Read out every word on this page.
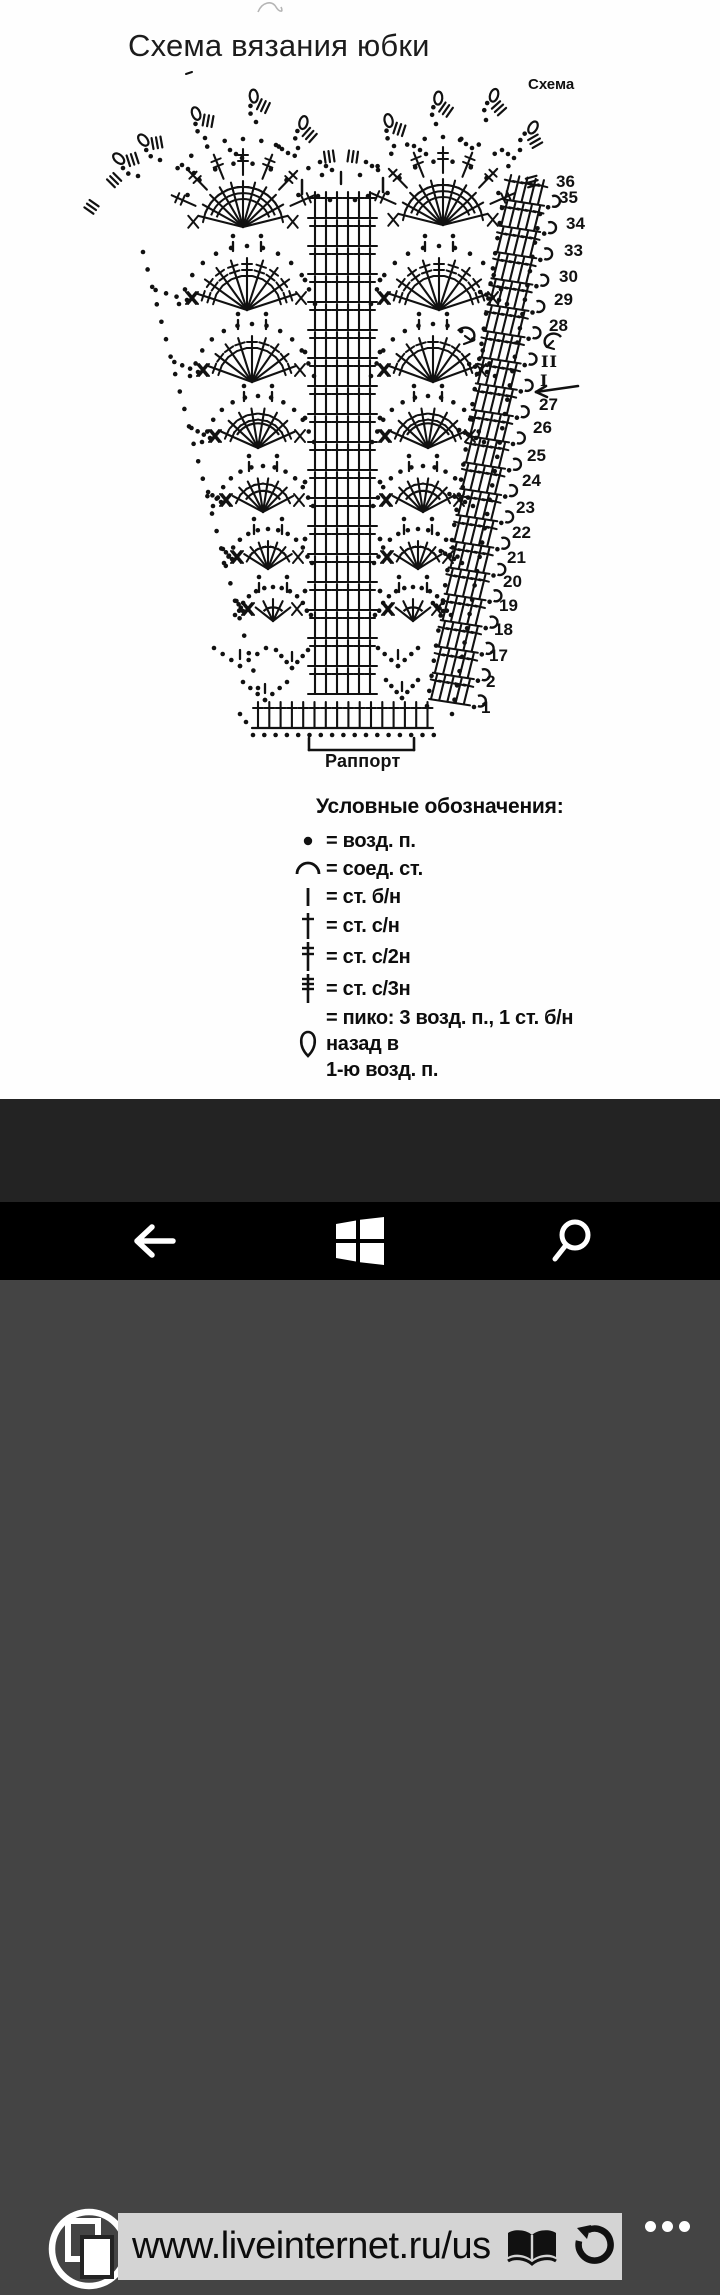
Схема вязания юбки
Схема
36
35
34
33
30
29
28
27
26
25
24
23
22
21
20
19
18
17
2
1
II
I
Раппорт
Условные обозначения:
= возд. п.
= соед. ст.
= ст. б/н
= ст. с/н
= ст. с/2н
= ст. с/3н
= пико: 3 возд. п., 1 ст. б/н назад в
1-ю возд. п.
www.liveinternet.ru/us
